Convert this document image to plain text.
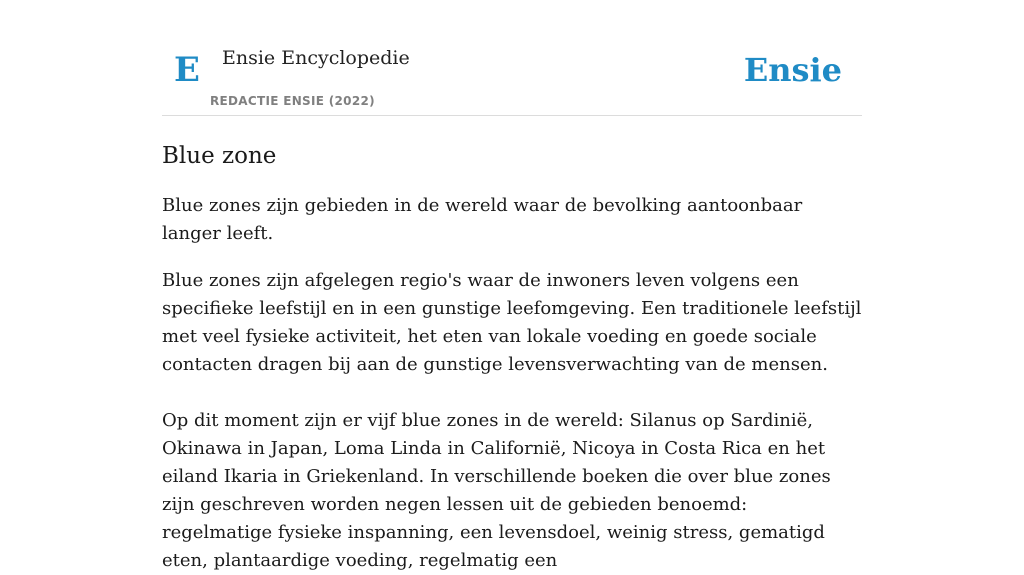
E Ensie Encyclopedie
REDACTIE ENSIE (2022)
Ensie
Blue zone

Blue zones zijn gebieden in de wereld waar de bevolking aantoonbaar langer leeft.

Blue zones zijn afgelegen regio's waar de inwoners leven volgens een specifieke leefstijl en in een gunstige leefomgeving. Een traditionele leefstijl met veel fysieke activiteit, het eten van lokale voeding en goede sociale contacten dragen bij aan de gunstige levensverwachting van de mensen.

Op dit moment zijn er vijf blue zones in de wereld: Silanus op Sardinië, Okinawa in Japan, Loma Linda in Californië, Nicoya in Costa Rica en het eiland Ikaria in Griekenland. In verschillende boeken die over blue zones zijn geschreven worden negen lessen uit de gebieden benoemd: regelmatige fysieke inspanning, een levensdoel, weinig stress, gematigd eten, plantaardige voeding, regelmatig een
